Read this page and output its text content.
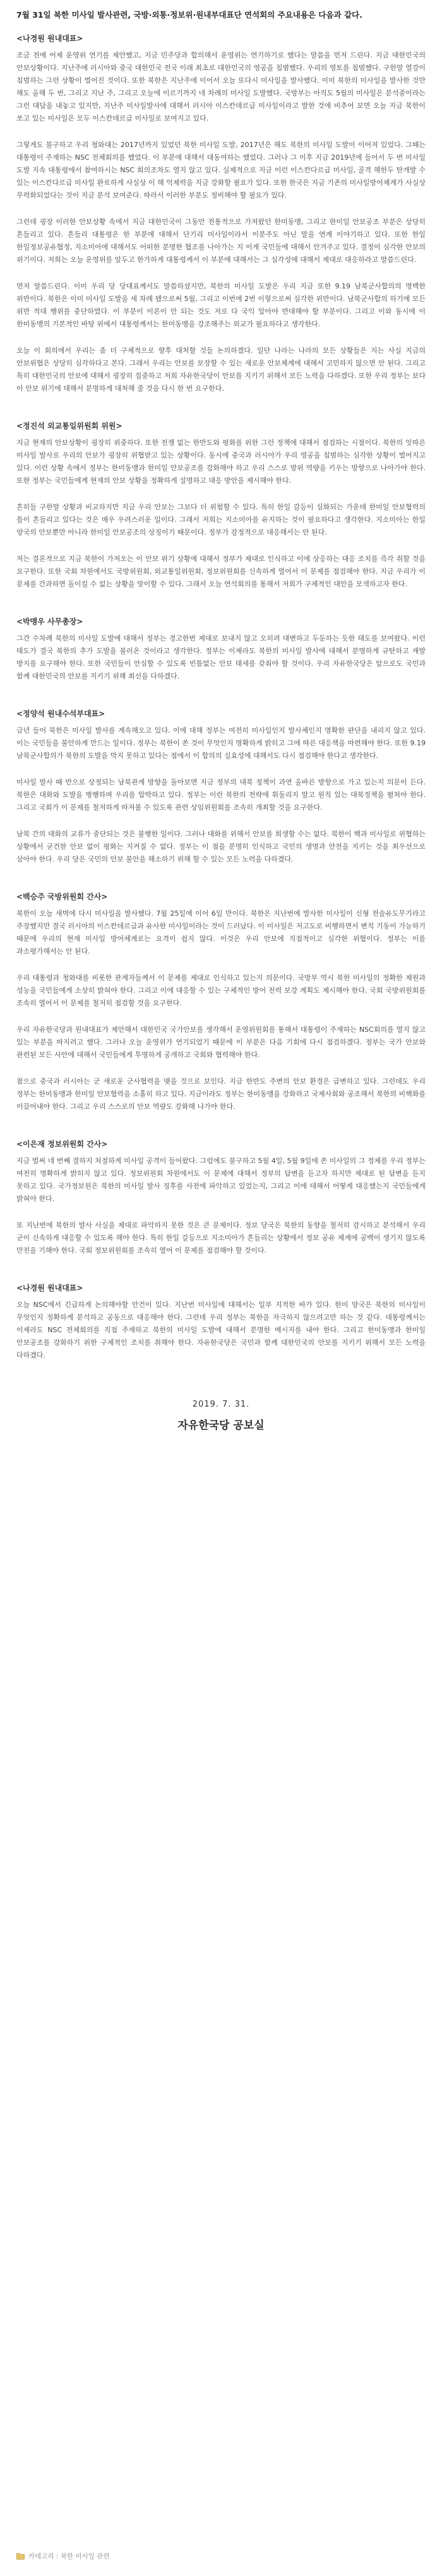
7월 31일 북한 미사일 발사관련, 국방·외통·정보위·원내부대표단 연석회의 주요내용은 다음과 같다.
<나경원 원내대표>

조금 전에 어제 운영위 연기를 제안했고, 지금 민주당과 합의해서 운영위는 연기하기로 했다는 말씀을 먼저 드린다. 지금 대한민국의 안보상황이다. 지난주에 러시아와 중국 대한민국 전국 이래 최초로 대한민국의 영공을 침범했다. 우리의 영토를 침범했다. 구한말 열강이 침범하는 그런 상황이 벌어진 것이다. 또한 북한은 지난주에 이어서 오늘 또다시 미사일을 발사했다. 이미 북한의 미사일을 발사한 것만 해도 올해 두 번, 그리고 지난 주, 그리고 오늘에 이르기까지 네 차례의 미사일 도발했다. 국방부는 아직도 5월의 미사일은 분석중이라는 그런 대답을 내놓고 있지만, 지난주 미사일발사에 대해서 러시아 이스칸데르급 미사일이라고 발한 것에 비추어 보면 오늘 지금 북한이 쏘고 있는 미사일은 모두 이스칸데르급 미사일로 보여지고 있다.

그렇게도 불구하고 우리 청와대는 2017년까지 있었던 북한 미사일 도발, 2017년은 해도 북한의 미사일 도발이 이어져 있었다. 그때는 대통령이 주재하는 NSC 전체회의를 했었다. 이 부분에 대해서 대동여하는 했었다. 그러나 그 이후 지금 2019년에 들어서 두 번 미사일 도발 지속 대통령에서 참여하시는 NSC 회의조차도 열지 않고 있다. 실제적으로 지금 이런 이스칸다르급 미사일, 골격 해한두 탄개발 수 있는 이스칸다르급 미사일 완료하게 사실상 이 해 억제력을 지금 강화할 필요가 있다. 또한 한국은 지금 기존의 미사일방어체계가 사실상 무력화되었다는 것이 지금 분석 보여준다. 따라서 이러한 부분도 정비해야 할 필요가 있다.

그런데 굉장 이러한 안보상황 속에서 지금 대한민국이 그동안 전통적으로 가져왔던 한미동맹, 그리고 한미일 안보공조 부분은 상당히 흔들리고 있다. 흔들리 대통령은 한 부분에 대해서 단기리 미사일이라서 이분주도 아닌 말을 연계 이야기하고 있다. 또한 한일 한일정보공유협정, 지소미아에 대해서도 어떠한 분명한 협조를 나아가는 지 이게 국민들에 대해서 안겨주고 있다. 결정이 심각한 안보의 위기이다. 저희는 오늘 운영위를 앞두고 한가하게 대통령께서 이 부분에 대해서는 그 심각성에 대해서 제대로 대응하라고 말씀드린다.

먼저 말씀드린다. 이미 우리 당 당대표께서도 말씀하셨지만, 북한의 미사일 도발은 우리 지금 또한 9.19 남북군사합의의 명백한 위반이다. 북한은 이미 미사일 도발을 세 차례 됐으로써 5월, 그리고 이번에 2번 이렇으로써 심각한 위반이다. 남북군사합의 하기에 모든 위반 적대 행위를 중단하였다. 이 부분이 이론이 안 되는 것도 저로 다 국익 알아야 반대해야 할 부분이다. 그리고 이와 동시에 이 한미동맹의 기본적인 바탕 위에서 대통령께서는 한미동맹을 강조해주는 외교가 필요하다고 생각한다.

오늘 이 회의에서 우리는 좀 더 구체적으로 향후 대처할 것들 논의하겠다. 일단 나라는 나라의 모든 상황들은 지는 사실 지금의 안보위협은 상당히 심각하다고 본다. 그래서 우리는 안보를 보장할 수 있는 새로운 안보체계에 대해서 고민하지 않으면 안 된다. 그리고 특히 대한민국의 안보에 대해서 굉장히 집중하고 저희 자유한국당이 안보를 지키기 위해서 모든 노력을 다하겠다. 또한 우리 정부는 보다 이 안보 위기에 대해서 분명하게 대처해 줄 것을 다시 한 번 요구한다.

<정진석 외교통일위원회 위원>

지금 현재의 안보상황이 굉장히 위중하다. 또한 전쟁 없는 한반도와 평화를 위한 그런 정책에 대해서 점검하는 시점이다. 북한의 잇따른 미사일 발사로 우리의 안보가 굉장히 위협받고 있는 상황이다. 동시에 중국과 러시아가 우리 영공을 침범하는 심각한 상황이 벌어지고 있다. 이런 상황 속에서 정부는 한미동맹과 한미일 안보공조를 강화해야 하고 우리 스스로 방위 역량을 키우는 방향으로 나아가야 한다. 또한 정부는 국민들에게 현재의 안보 상황을 정확하게 설명하고 대응 방안을 제시해야 한다.

흔히들 구한말 상황과 비교하지만 지금 우리 안보는 그보다 더 위험할 수 있다. 특히 한일 갈등이 심화되는 가운데 한미일 안보협력의 틀이 흔들리고 있다는 것은 매우 우려스러운 일이다. 그래서 저희는 지소미아를 유지하는 것이 필요하다고 생각한다. 지소미아는 한일 양국의 안보뿐만 아니라 한미일 안보공조의 상징이기 때문이다. 정부가 감정적으로 대응해서는 안 된다.

저는 결론적으로 지금 북한이 가져오는 이 안보 위기 상황에 대해서 정부가 제대로 인식하고 이에 상응하는 대응 조치를 즉각 취할 것을 요구한다. 또한 국회 차원에서도 국방위원회, 외교통일위원회, 정보위원회를 신속하게 열어서 이 문제를 점검해야 한다. 지금 우리가 이 문제를 간과하면 돌이킬 수 없는 상황을 맞이할 수 있다. 그래서 오늘 연석회의를 통해서 저희가 구체적인 대안을 모색하고자 한다.

<박맹우 사무총장>

그간 수차례 북한의 미사일 도발에 대해서 정부는 경고한번 제대로 보내지 않고 오히려 대변하고 두둔하는 듯한 태도를 보여왔다. 이런 태도가 결국 북한의 추가 도발을 불러온 것이라고 생각한다. 정부는 이제라도 북한의 미사일 발사에 대해서 분명하게 규탄하고 재발 방지를 요구해야 한다. 또한 국민들이 안심할 수 있도록 빈틈없는 안보 태세를 갖춰야 할 것이다. 우리 자유한국당은 앞으로도 국민과 함께 대한민국의 안보를 지키기 위해 최선을 다하겠다.

<정양석 원내수석부대표>

금년 들어 북한은 미사일 발사를 계속해오고 있다. 이에 대해 정부는 여전히 미사일인지 발사체인지 명확한 판단을 내리지 않고 있다. 이는 국민들을 불안하게 만드는 일이다. 정부는 북한이 쏜 것이 무엇인지 명확하게 밝히고 그에 따른 대응책을 마련해야 한다. 또한 9.19 남북군사합의가 북한의 도발을 막지 못하고 있다는 점에서 이 합의의 실효성에 대해서도 다시 점검해야 한다고 생각한다.

미사일 발사 때 반으로 상정되는 남북관계 방향을 돌아보면 지금 정부의 대북 정책이 과연 올바른 방향으로 가고 있는지 의문이 든다. 북한은 대화와 도발을 병행하며 우리를 압박하고 있다. 정부는 이런 북한의 전략에 휘둘리지 말고 원칙 있는 대북정책을 펼쳐야 한다. 그리고 국회가 이 문제를 철저하게 따져볼 수 있도록 관련 상임위원회를 조속히 개최할 것을 요구한다.

남북 간의 대화의 교류가 중단되는 것은 불행한 일이다. 그러나 대화를 위해서 안보를 희생할 수는 없다. 북한이 핵과 미사일로 위협하는 상황에서 굳건한 안보 없이 평화는 지켜질 수 없다. 정부는 이 점을 분명히 인식하고 국민의 생명과 안전을 지키는 것을 최우선으로 삼아야 한다. 우리 당은 국민의 안보 불안을 해소하기 위해 할 수 있는 모든 노력을 다하겠다.

<백승주 국방위원회 간사>

북한이 오늘 새벽에 다시 미사일을 발사했다. 7월 25일에 이어 6일 만이다. 북한은 지난번에 발사한 미사일이 신형 전술유도무기라고 주장했지만 결국 러시아의 이스칸데르급과 유사한 미사일이라는 것이 드러났다. 이 미사일은 저고도로 비행하면서 변칙 기동이 가능하기 때문에 우리의 현재 미사일 방어체계로는 요격이 쉽지 않다. 이것은 우리 안보에 직접적이고 심각한 위협이다. 정부는 이를 과소평가해서는 안 된다.

우리 대통령과 청와대를 비롯한 관계자들께서 이 문제를 제대로 인식하고 있는지 의문이다. 국방부 역시 북한 미사일의 정확한 제원과 성능을 국민들에게 소상히 밝혀야 한다. 그리고 이에 대응할 수 있는 구체적인 방어 전력 보강 계획도 제시해야 한다. 국회 국방위원회를 조속히 열어서 이 문제를 철저히 점검할 것을 요구한다.

우리 자유한국당과 원내대표가 제안해서 대한민국 국가안보를 생각해서 운영위원회를 통해서 대통령이 주재하는 NSC회의를 열지 않고 있는 부분을 따지려고 했다. 그러나 오늘 운영위가 연기되었기 때문에 이 부분은 다음 기회에 다시 점검하겠다. 정부는 국가 안보와 관련된 모든 사안에 대해서 국민들에게 투명하게 공개하고 국회와 협력해야 한다.

참으로 중국과 러시아는 군 새로운 군사협력을 맺을 것으로 보인다. 지금 한반도 주변의 안보 환경은 급변하고 있다. 그런데도 우리 정부는 한미동맹과 한미일 안보협력을 소홀히 하고 있다. 지금이라도 정부는 한미동맹을 강화하고 국제사회와 공조해서 북한의 비핵화를 이끌어내야 한다. 그리고 우리 스스로의 안보 역량도 강화해 나가야 한다.

<이은재 정보위원회 간사>

지금 벌써 네 번째 결하지 처절하게 미사일 공격이 들어왔다. 그럼에도 불구하고 5월 4일, 5월 9일에 쏜 미사일의 그 정체를 우리 정부는 여전히 명확하게 밝히지 않고 있다. 정보위원회 차원에서도 이 문제에 대해서 정부의 답변을 듣고자 하지만 제대로 된 답변을 듣지 못하고 있다. 국가정보원은 북한의 미사일 발사 징후를 사전에 파악하고 있었는지, 그리고 이에 대해서 어떻게 대응했는지 국민들에게 밝혀야 한다.

또 지난번에 북한의 발사 사실을 제대로 파악하지 못한 것은 큰 문제이다. 정보 당국은 북한의 동향을 철저히 감시하고 분석해서 우리 군이 신속하게 대응할 수 있도록 해야 한다. 특히 한일 갈등으로 지소미아가 흔들리는 상황에서 정보 공유 체계에 공백이 생기지 않도록 만전을 기해야 한다. 국회 정보위원회를 조속히 열어 이 문제를 점검해야 할 것이다.

<나경원 원내대표>

오늘 NSC에서 긴급하게 논의해야할 안건이 있다. 지난번 미사일에 대해서는 일부 지적한 바가 있다. 한미 양국은 북한의 미사일이 무엇인지 정확하게 분석하고 공동으로 대응해야 한다. 그런데 우리 정부는 북한을 자극하지 않으려고만 하는 것 같다. 대통령께서는 이제라도 NSC 전체회의를 직접 주재하고 북한의 미사일 도발에 대해서 분명한 메시지를 내야 한다. 그리고 한미동맹과 한미일 안보공조를 강화하기 위한 구체적인 조치를 취해야 한다. 자유한국당은 국민과 함께 대한민국의 안보를 지키기 위해서 모든 노력을 다하겠다.

2019. 7. 31.
자유한국당 공보실
카테고리 : 북한 미사일 관련
